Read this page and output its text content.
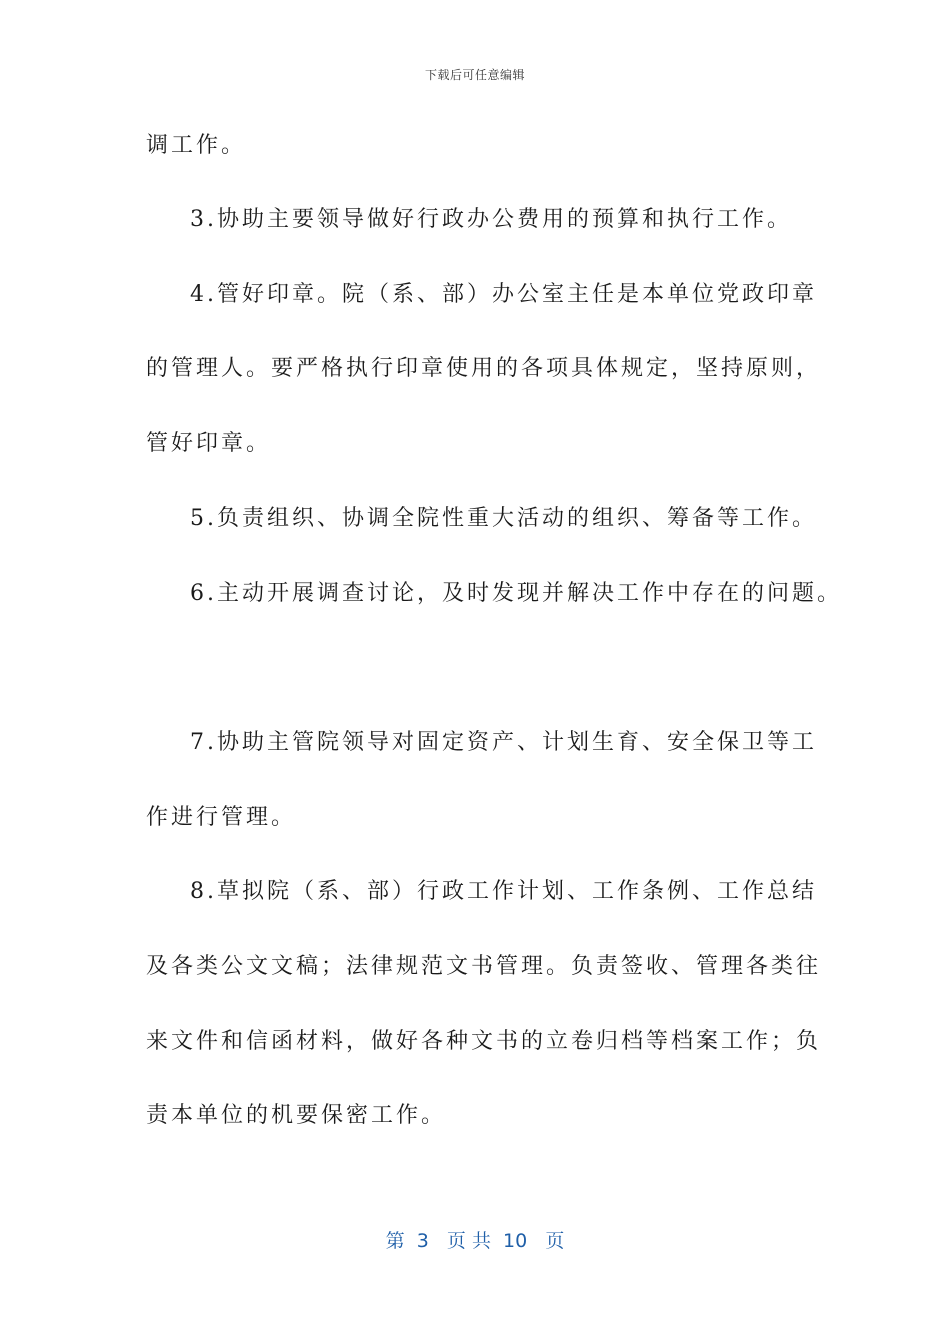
下载后可任意编辑
调工作。
3.协助主要领导做好行政办公费用的预算和执行工作。
4.管好印章。院（系、部）办公室主任是本单位党政印章
的管理人。要严格执行印章使用的各项具体规定，坚持原则，
管好印章。
5.负责组织、协调全院性重大活动的组织、筹备等工作。
6.主动开展调查讨论，及时发现并解决工作中存在的问题。
7.协助主管院领导对固定资产、计划生育、安全保卫等工
作进行管理。
8.草拟院（系、部）行政工作计划、工作条例、工作总结
及各类公文文稿；法律规范文书管理。负责签收、管理各类往
来文件和信函材料，做好各种文书的立卷归档等档案工作；负
责本单位的机要保密工作。
第  3   页 共  10   页
